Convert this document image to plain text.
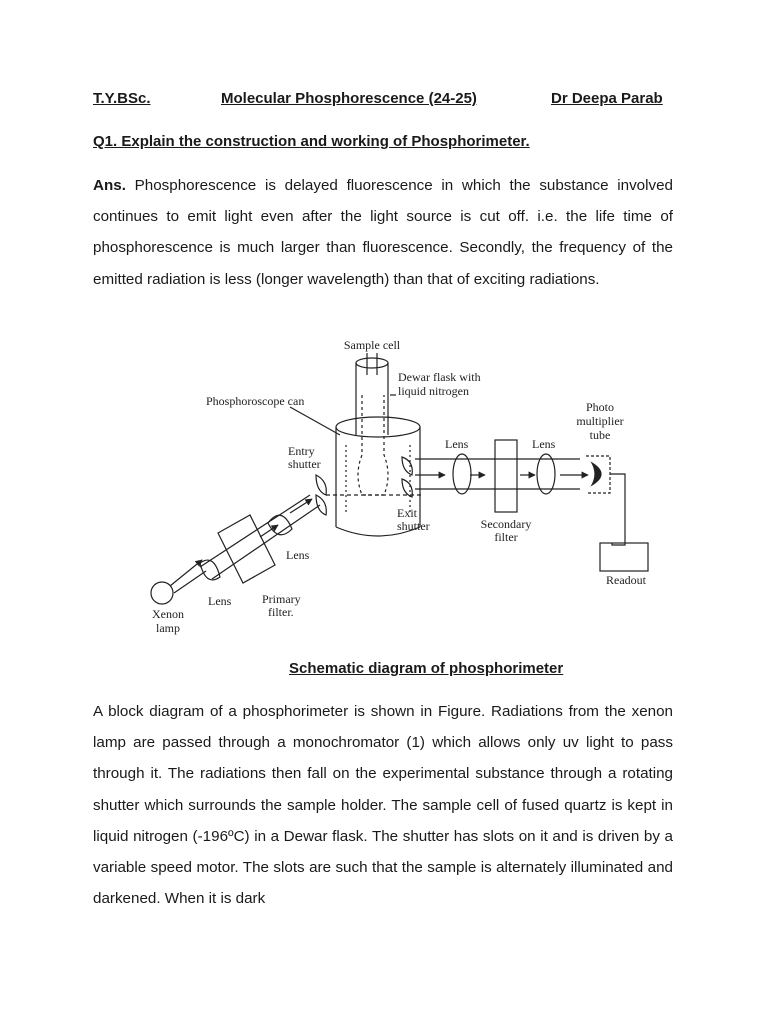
T.Y.BSc.	Molecular Phosphorescence (24-25)	Dr Deepa Parab
Q1. Explain the construction and working of Phosphorimeter.

Ans. Phosphorescence is delayed fluorescence in which the substance involved continues to emit light even after the light source is cut off. i.e. the life time of phosphorescence is much larger than fluorescence. Secondly, the frequency of the emitted radiation is less (longer wavelength) than that of exciting radiations.

Sample cell
Dewar flask with
liquid nitrogen
Phosphoroscope can
Entry
shutter
Exit
shutter
Lens	Lens
Photo
multiplier
tube
Secondary
filter
Lens
Lens	Primary
filter.
Xenon
lamp
Readout
Schematic diagram of phosphorimeter

A block diagram of a phosphorimeter is shown in Figure. Radiations from the xenon lamp are passed through a monochromator (1) which allows only uv light to pass through it. The radiations then fall on the experimental substance through a rotating shutter which surrounds the sample holder. The sample cell of fused quartz is kept in liquid nitrogen (-196ºC) in a Dewar flask. The shutter has slots on it and is driven by a variable speed motor. The slots are such that the sample is alternately illuminated and darkened. When it is dark
